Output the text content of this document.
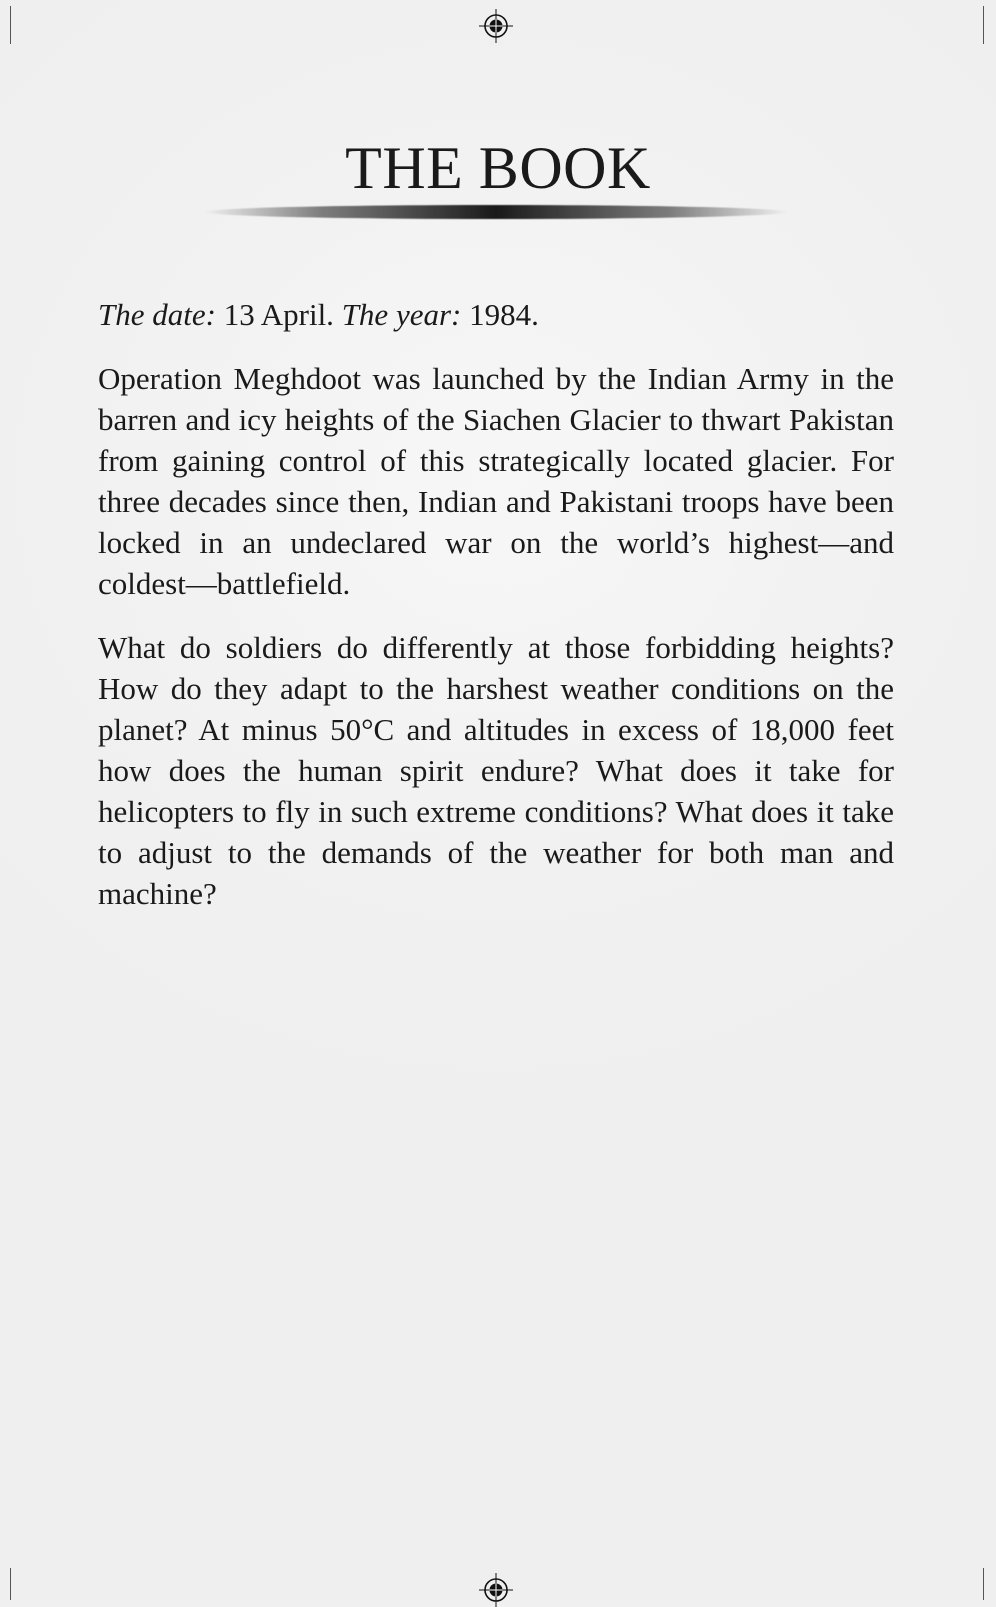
THE BOOK

The date: 13 April. The year: 1984.

Operation Meghdoot was launched by the Indian Army in the barren and icy heights of the Siachen Glacier to thwart Pakistan from gaining control of this strategically located glacier. For three decades since then, Indian and Pakistani troops have been locked in an undeclared war on the world’s highest—and coldest—battlefield.

What do soldiers do differently at those forbidding heights? How do they adapt to the harshest weather conditions on the planet? At minus 50°C and altitudes in excess of 18,000 feet how does the human spirit endure? What does it take for helicopters to fly in such extreme conditions? What does it take to adjust to the demands of the weather for both man and machine?
